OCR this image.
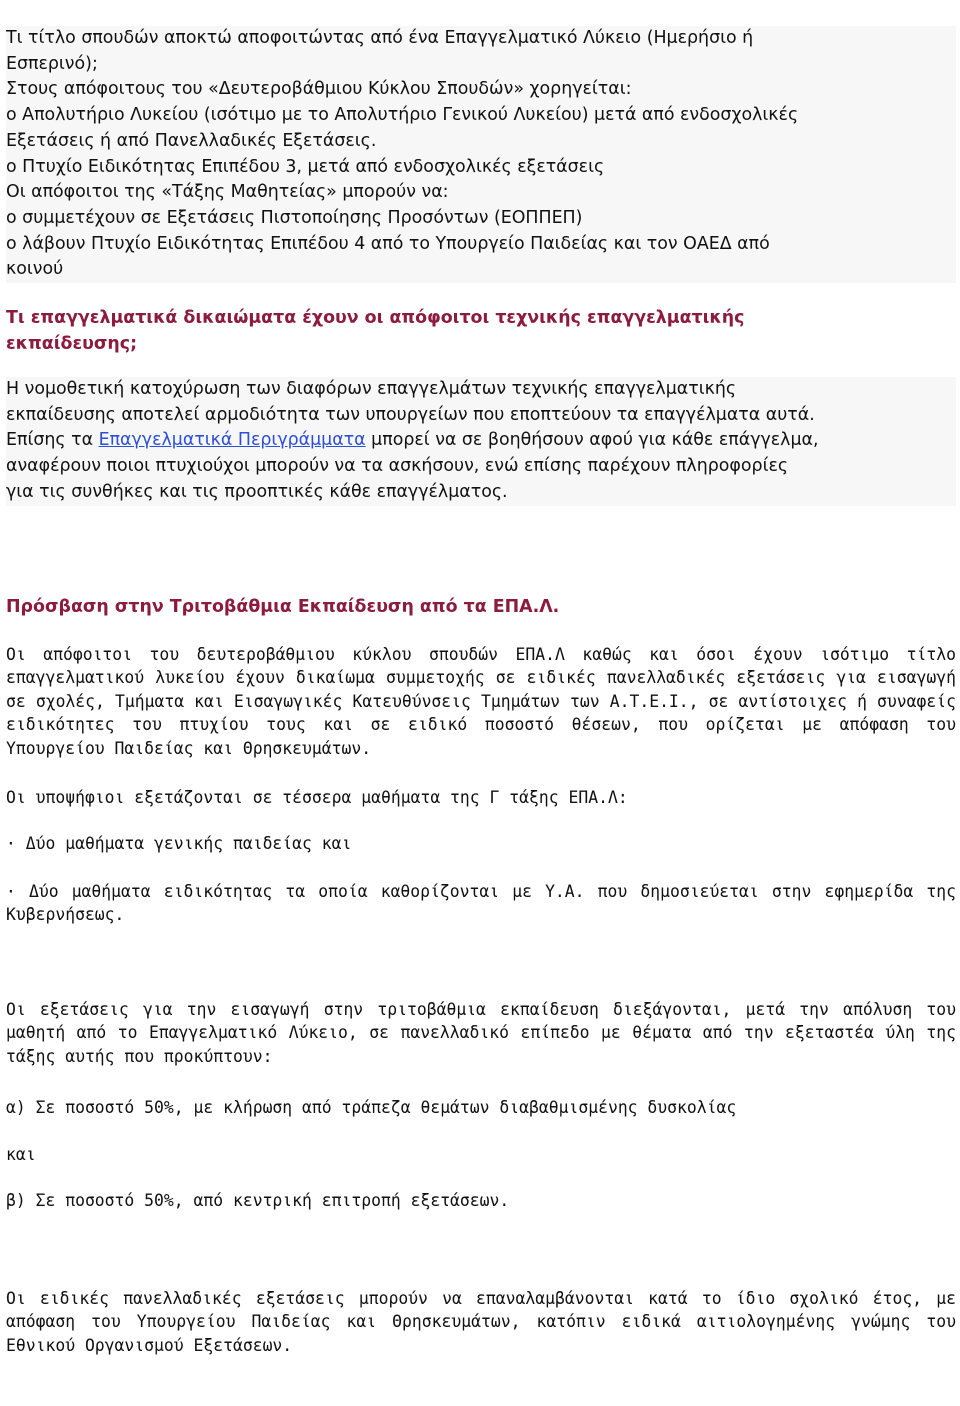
Τι τίτλο σπουδών αποκτώ αποφοιτώντας από ένα Επαγγελματικό Λύκειο (Ημερήσιο ή

Εσπερινό);

Στους απόφοιτους του «Δευτεροβάθμιου Κύκλου Σπουδών» χορηγείται:

ο Απολυτήριο Λυκείου (ισότιμο με το Απολυτήριο Γενικού Λυκείου) μετά από ενδοσχολικές

Εξετάσεις ή από Πανελλαδικές Εξετάσεις.

ο Πτυχίο Ειδικότητας Επιπέδου 3, μετά από ενδοσχολικές εξετάσεις

Οι απόφοιτοι της «Τάξης Μαθητείας» μπορούν να:

ο συμμετέχουν σε Εξετάσεις Πιστοποίησης Προσόντων (ΕΟΠΠΕΠ)

ο λάβουν Πτυχίο Ειδικότητας Επιπέδου 4 από το Υπουργείο Παιδείας και τον ΟΑΕΔ από

κοινού

Τι επαγγελματικά δικαιώματα έχουν οι απόφοιτοι τεχνικής επαγγελματικής
εκπαίδευσης;

Η νομοθετική κατοχύρωση των διαφόρων επαγγελμάτων τεχνικής επαγγελματικής

εκπαίδευσης αποτελεί αρμοδιότητα των υπουργείων που εποπτεύουν τα επαγγέλματα αυτά.

Επίσης τα Επαγγελματικά Περιγράμματα μπορεί να σε βοηθήσουν αφού για κάθε επάγγελμα,

αναφέρουν ποιοι πτυχιούχοι μπορούν να τα ασκήσουν, ενώ επίσης παρέχουν πληροφορίες

για τις συνθήκες και τις προοπτικές κάθε επαγγέλματος.

Πρόσβαση στην Τριτοβάθμια Εκπαίδευση από τα ΕΠΑ.Λ.

Οι απόφοιτοι του δευτεροβάθμιου κύκλου σπουδών ΕΠΑ.Λ καθώς και όσοι έχουν ισότιμο τίτλο επαγγελματικού λυκείου έχουν δικαίωμα συμμετοχής σε ειδικές πανελλαδικές εξετάσεις για εισαγωγή σε σχολές, Τμήματα και Εισαγωγικές Κατευθύνσεις Τμημάτων των Α.Τ.Ε.Ι., σε αντίστοιχες ή συναφείς ειδικότητες του πτυχίου τους και σε ειδικό ποσοστό θέσεων, που ορίζεται με απόφαση του Υπουργείου Παιδείας και Θρησκευμάτων.

Οι υποψήφιοι εξετάζονται σε τέσσερα μαθήματα της Γ τάξης ΕΠΑ.Λ:

· Δύο μαθήματα γενικής παιδείας και

· Δύο μαθήματα ειδικότητας τα οποία καθορίζονται με Υ.Α. που δημοσιεύεται στην εφημερίδα της Κυβερνήσεως.

Οι εξετάσεις για την εισαγωγή στην τριτοβάθμια εκπαίδευση διεξάγονται, μετά την απόλυση του μαθητή από το Επαγγελματικό Λύκειο, σε πανελλαδικό επίπεδο με θέματα από την εξεταστέα ύλη της τάξης αυτής που προκύπτουν:

α) Σε ποσοστό 50%, με κλήρωση από τράπεζα θεμάτων διαβαθμισμένης δυσκολίας

και

β) Σε ποσοστό 50%, από κεντρική επιτροπή εξετάσεων.

Οι ειδικές πανελλαδικές εξετάσεις μπορούν να επαναλαμβάνονται κατά το ίδιο σχολικό έτος, με απόφαση του Υπουργείου Παιδείας και Θρησκευμάτων, κατόπιν ειδικά αιτιολογημένης γνώμης του Εθνικού Οργανισμού Εξετάσεων.
